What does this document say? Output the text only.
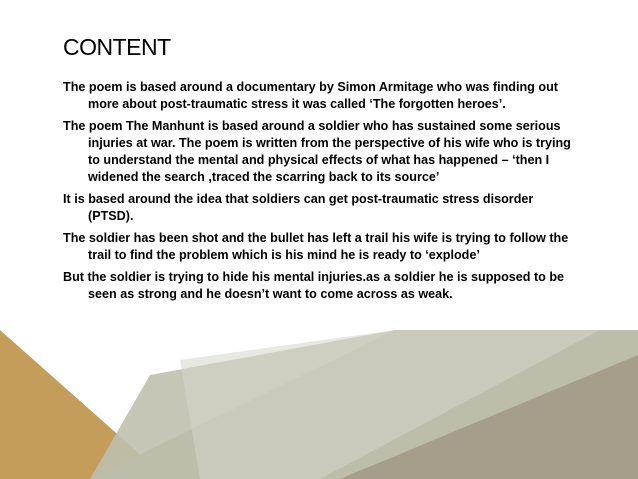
CONTENT
The poem is based around a documentary by Simon Armitage who was finding out more about post-traumatic stress it was called ‘The forgotten heroes’.
The poem The Manhunt is based around a soldier who has sustained some serious injuries at war. The poem is written from the perspective of his wife who is trying to understand the mental and physical effects of what has happened – ‘then I widened the search ,traced the scarring back to its source’
It is based around the idea that soldiers can get post-traumatic stress disorder (PTSD).
The soldier has been shot and the bullet has left a trail his wife is trying to follow the trail to find the problem which is his mind he is ready to ‘explode’
But the soldier is trying to hide his mental injuries.as a soldier he is supposed to be seen as strong and he doesn’t want to come across as weak.
